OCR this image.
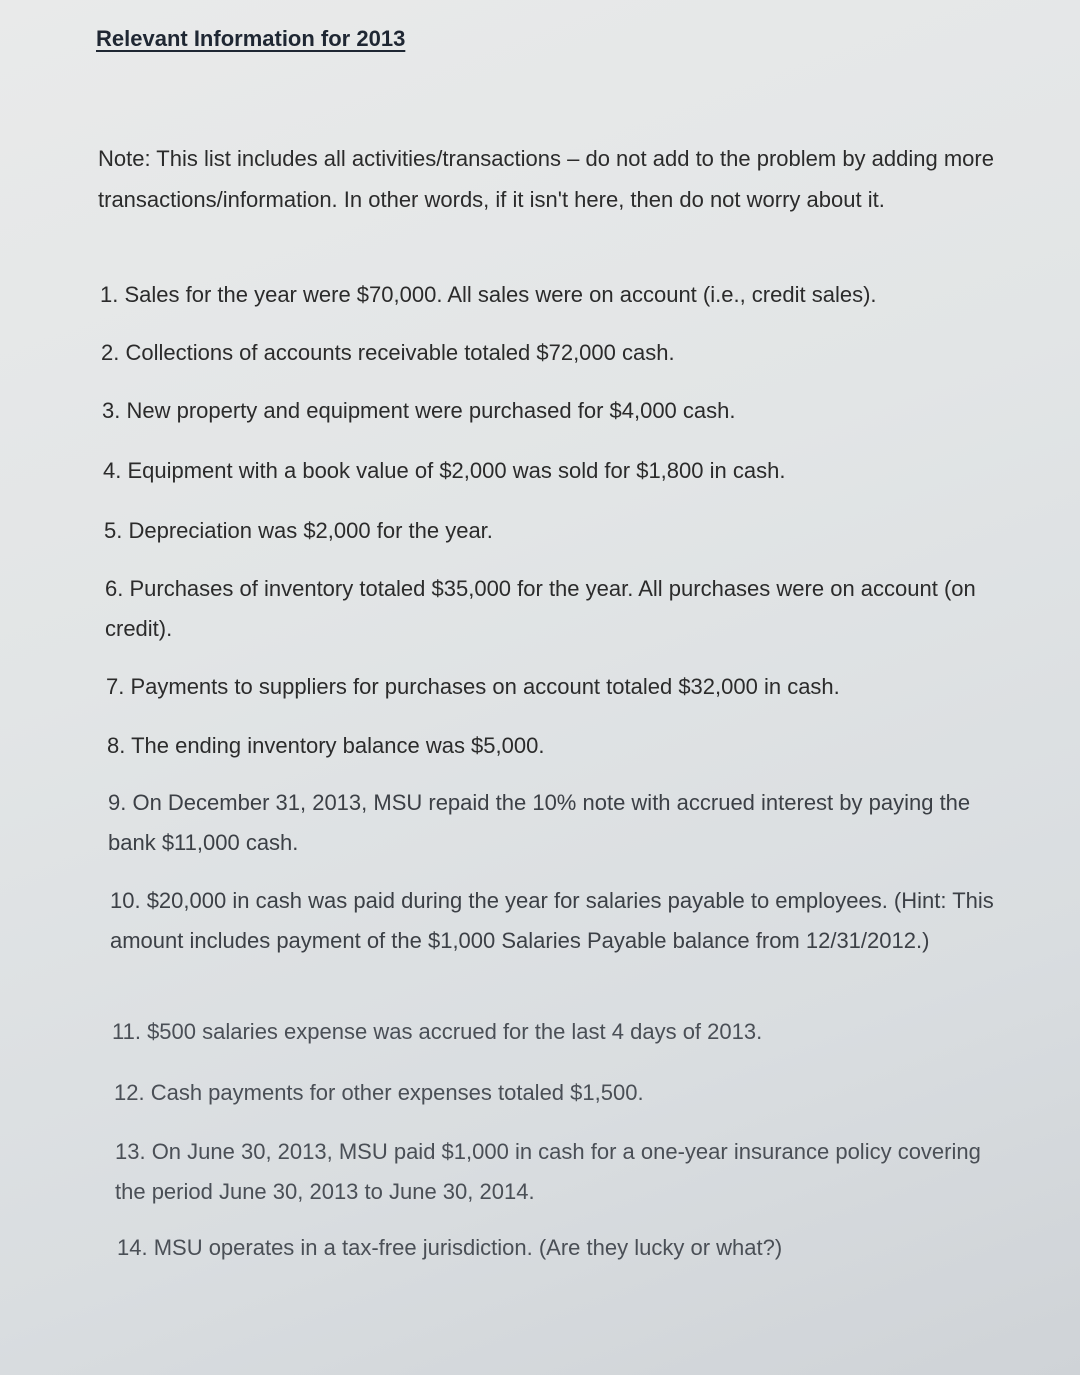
Relevant Information for 2013

Note: This list includes all activities/transactions – do not add to the problem by adding more transactions/information. In other words, if it isn't here, then do not worry about it.

1. Sales for the year were $70,000. All sales were on account (i.e., credit sales).

2. Collections of accounts receivable totaled $72,000 cash.

3. New property and equipment were purchased for $4,000 cash.

4. Equipment with a book value of $2,000 was sold for $1,800 in cash.

5. Depreciation was $2,000 for the year.

6. Purchases of inventory totaled $35,000 for the year. All purchases were on account (on credit).

7. Payments to suppliers for purchases on account totaled $32,000 in cash.

8. The ending inventory balance was $5,000.

9. On December 31, 2013, MSU repaid the 10% note with accrued interest by paying the bank $11,000 cash.

10. $20,000 in cash was paid during the year for salaries payable to employees. (Hint: This amount includes payment of the $1,000 Salaries Payable balance from 12/31/2012.)

11. $500 salaries expense was accrued for the last 4 days of 2013.

12. Cash payments for other expenses totaled $1,500.

13. On June 30, 2013, MSU paid $1,000 in cash for a one-year insurance policy covering the period June 30, 2013 to June 30, 2014.

14. MSU operates in a tax-free jurisdiction. (Are they lucky or what?)
